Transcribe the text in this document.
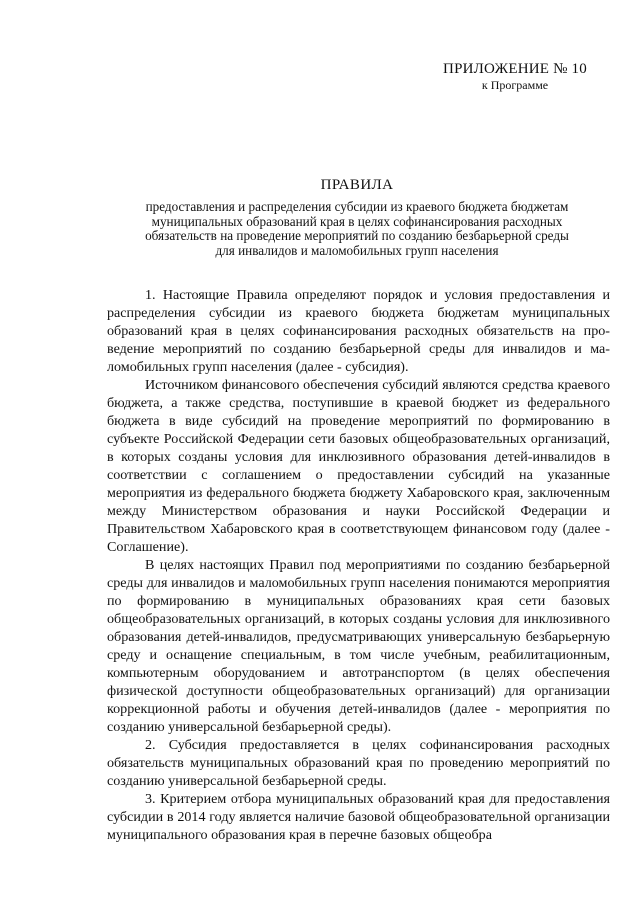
ПРИЛОЖЕНИЕ № 10
к Программе
ПРАВИЛА
предоставления и распределения субсидии из краевого бюджета бюджетам
муниципальных образований края в целях софинансирования расходных
обязательств на проведение мероприятий по созданию безбарьерной среды
для инвалидов и маломобильных групп населения

1. Настоящие Правила определяют порядок и условия предоставления и распределения субсидии из краевого бюджета бюджетам муниципальных образований края в целях софинансирования расходных обязательств на проведение мероприятий по созданию безбарьерной среды для инвалидов и маломобильных групп населения (далее - субсидия).

Источником финансового обеспечения субсидий являются средства краевого бюджета, а также средства, поступившие в краевой бюджет из федерального бюджета в виде субсидий на проведение мероприятий по формированию в субъекте Российской Федерации сети базовых общеобразовательных организаций, в которых созданы условия для инклюзивного образования детей-инвалидов в соответствии с соглашением о предоставлении субсидий на указанные мероприятия из федерального бюджета бюджету Хабаровского края, заключенным между Министерством образования и науки Российской Федерации и Правительством Хабаровского края в соответствующем финансовом году (далее - Соглашение).

В целях настоящих Правил под мероприятиями по созданию безбарьерной среды для инвалидов и маломобильных групп населения понимаются мероприятия по формированию в муниципальных образованиях края сети базовых общеобразовательных организаций, в которых созданы условия для инклюзивного образования детей-инвалидов, предусматривающих универсальную безбарьерную среду и оснащение специальным, в том числе учебным, реабилитационным, компьютерным оборудованием и автотранспортом (в целях обеспечения физической доступности общеобразовательных организаций) для организации коррекционной работы и обучения детей-инвалидов (далее - мероприятия по созданию универсальной безбарьерной среды).

2. Субсидия предоставляется в целях софинансирования расходных обязательств муниципальных образований края по проведению мероприятий по созданию универсальной безбарьерной среды.

3. Критерием отбора муниципальных образований края для предоставления субсидии в 2014 году является наличие базовой общеобразовательной организации муниципального образования края в перечне базовых общеобра
